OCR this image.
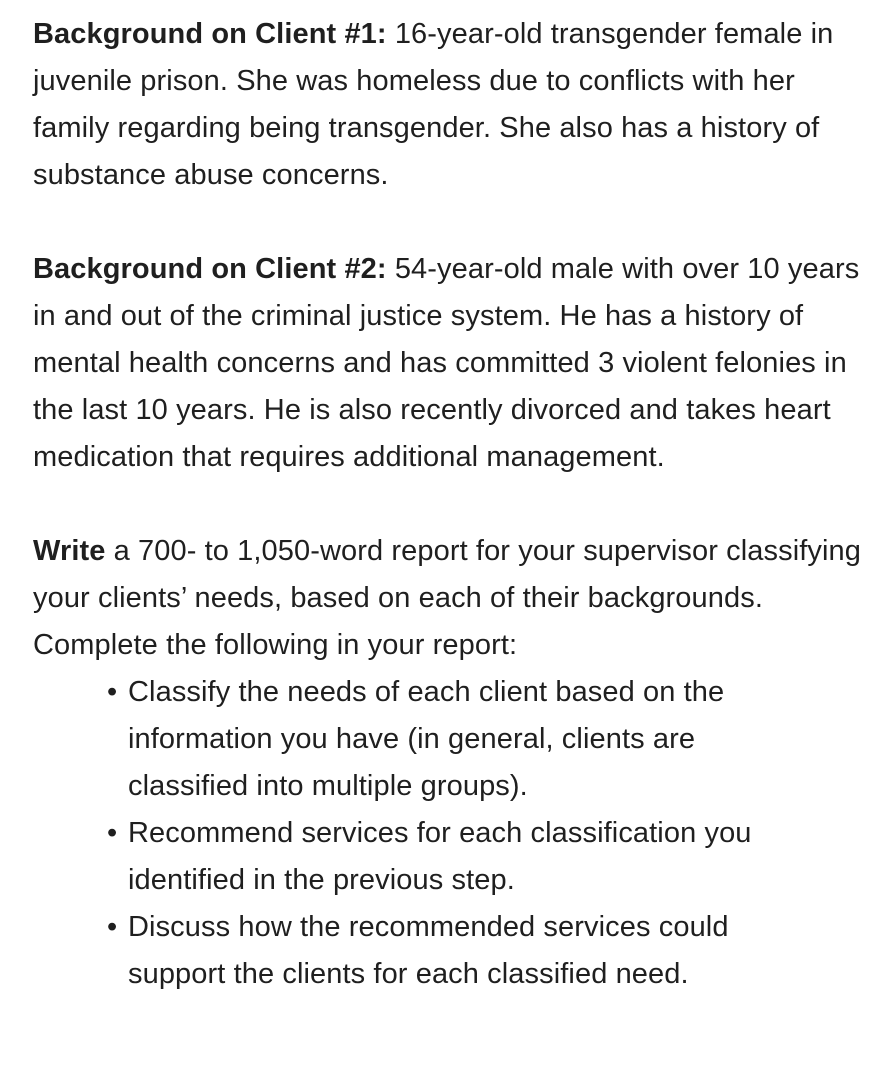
Background on Client #1: 16-year-old transgender female in juvenile prison. She was homeless due to conflicts with her family regarding being transgender. She also has a history of substance abuse concerns.

Background on Client #2: 54-year-old male with over 10 years in and out of the criminal justice system. He has a history of mental health concerns and has committed 3 violent felonies in the last 10 years. He is also recently divorced and takes heart medication that requires additional management.

Write a 700- to 1,050-word report for your supervisor classifying your clients’ needs, based on each of their backgrounds. Complete the following in your report:

• Classify the needs of each client based on the information you have (in general, clients are classified into multiple groups).
• Recommend services for each classification you identified in the previous step.
• Discuss how the recommended services could support the clients for each classified need.
